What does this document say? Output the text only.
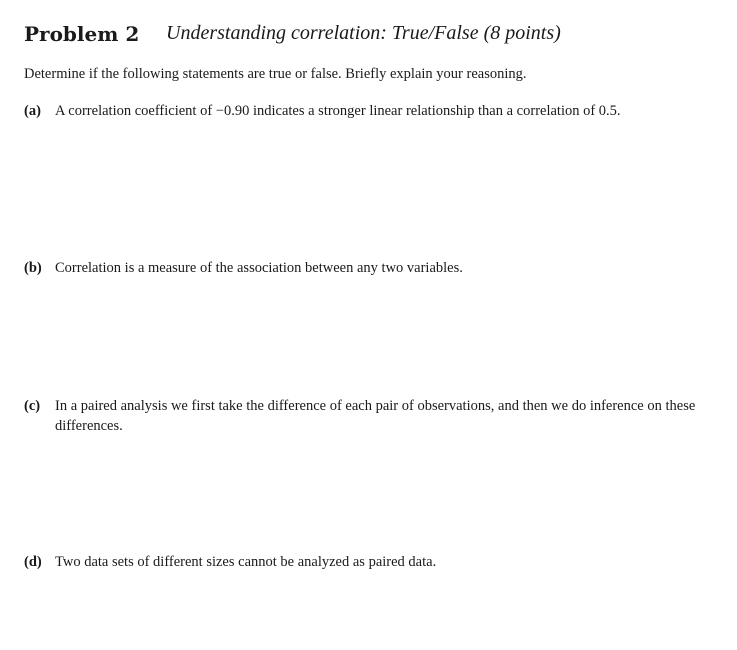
Problem 2 Understanding correlation: True/False (8 points)
Determine if the following statements are true or false. Briefly explain your reasoning.
(a) A correlation coefficient of −0.90 indicates a stronger linear relationship than a correlation of 0.5.
(b) Correlation is a measure of the association between any two variables.
(c) In a paired analysis we first take the difference of each pair of observations, and then we do inference on these differences.
(d) Two data sets of different sizes cannot be analyzed as paired data.
